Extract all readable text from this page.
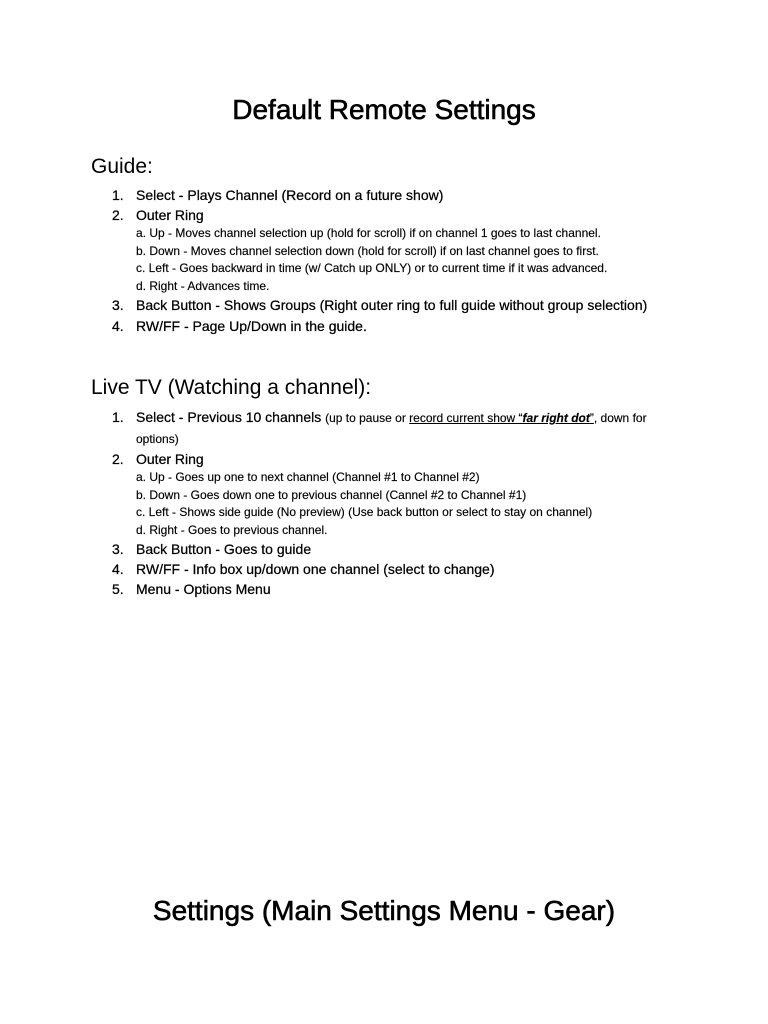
Default Remote Settings
Guide:
1. Select - Plays Channel (Record on a future show)
2. Outer Ring
a. Up - Moves channel selection up (hold for scroll) if on channel 1 goes to last channel.
b. Down - Moves channel selection down (hold for scroll) if on last channel goes to first.
c. Left - Goes backward in time (w/ Catch up ONLY) or to current time if it was advanced.
d. Right - Advances time.
3. Back Button - Shows Groups (Right outer ring to full guide without group selection)
4. RW/FF - Page Up/Down in the guide.
Live TV (Watching a channel):
1. Select - Previous 10 channels (up to pause or record current show “far right dot”, down for options)
2. Outer Ring
a. Up - Goes up one to next channel (Channel #1 to Channel #2)
b. Down - Goes down one to previous channel (Cannel #2 to Channel #1)
c. Left - Shows side guide (No preview) (Use back button or select to stay on channel)
d. Right - Goes to previous channel.
3. Back Button - Goes to guide
4. RW/FF - Info box up/down one channel (select to change)
5. Menu - Options Menu
Settings (Main Settings Menu - Gear)
